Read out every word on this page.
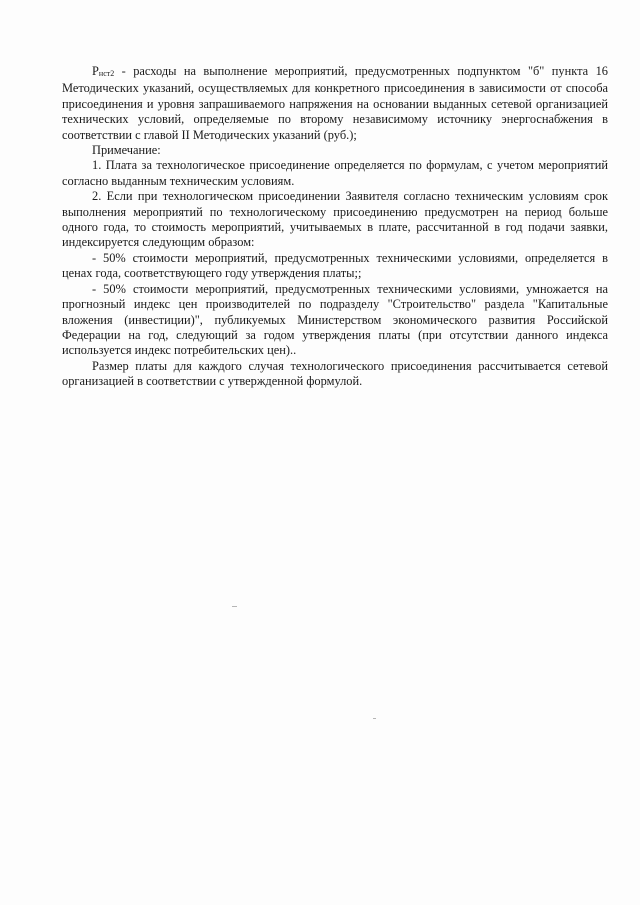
Pнст2 - расходы на выполнение мероприятий, предусмотренных подпунктом "б" пункта 16 Методических указаний, осуществляемых для конкретного присоединения в зависимости от способа присоединения и уровня запрашиваемого напряжения на основании выданных сетевой организацией технических условий, определяемые по второму независимому источнику энергоснабжения в соответствии с главой II Методических указаний (руб.);

Примечание:

1. Плата за технологическое присоединение определяется по формулам, с учетом мероприятий согласно выданным техническим условиям.

2. Если при технологическом присоединении Заявителя согласно техническим условиям срок выполнения мероприятий по технологическому присоединению предусмотрен на период больше одного года, то стоимость мероприятий, учитываемых в плате, рассчитанной в год подачи заявки, индексируется следующим образом:

- 50% стоимости мероприятий, предусмотренных техническими условиями, определяется в ценах года, соответствующего году утверждения платы;;

- 50% стоимости мероприятий, предусмотренных техническими условиями, умножается на прогнозный индекс цен производителей по подразделу "Строительство" раздела "Капитальные вложения (инвестиции)", публикуемых Министерством экономического развития Российской Федерации на год, следующий за годом утверждения платы (при отсутствии данного индекса используется индекс потребительских цен)..

Размер платы для каждого случая технологического присоединения рассчитывается сетевой организацией в соответствии с утвержденной формулой.
